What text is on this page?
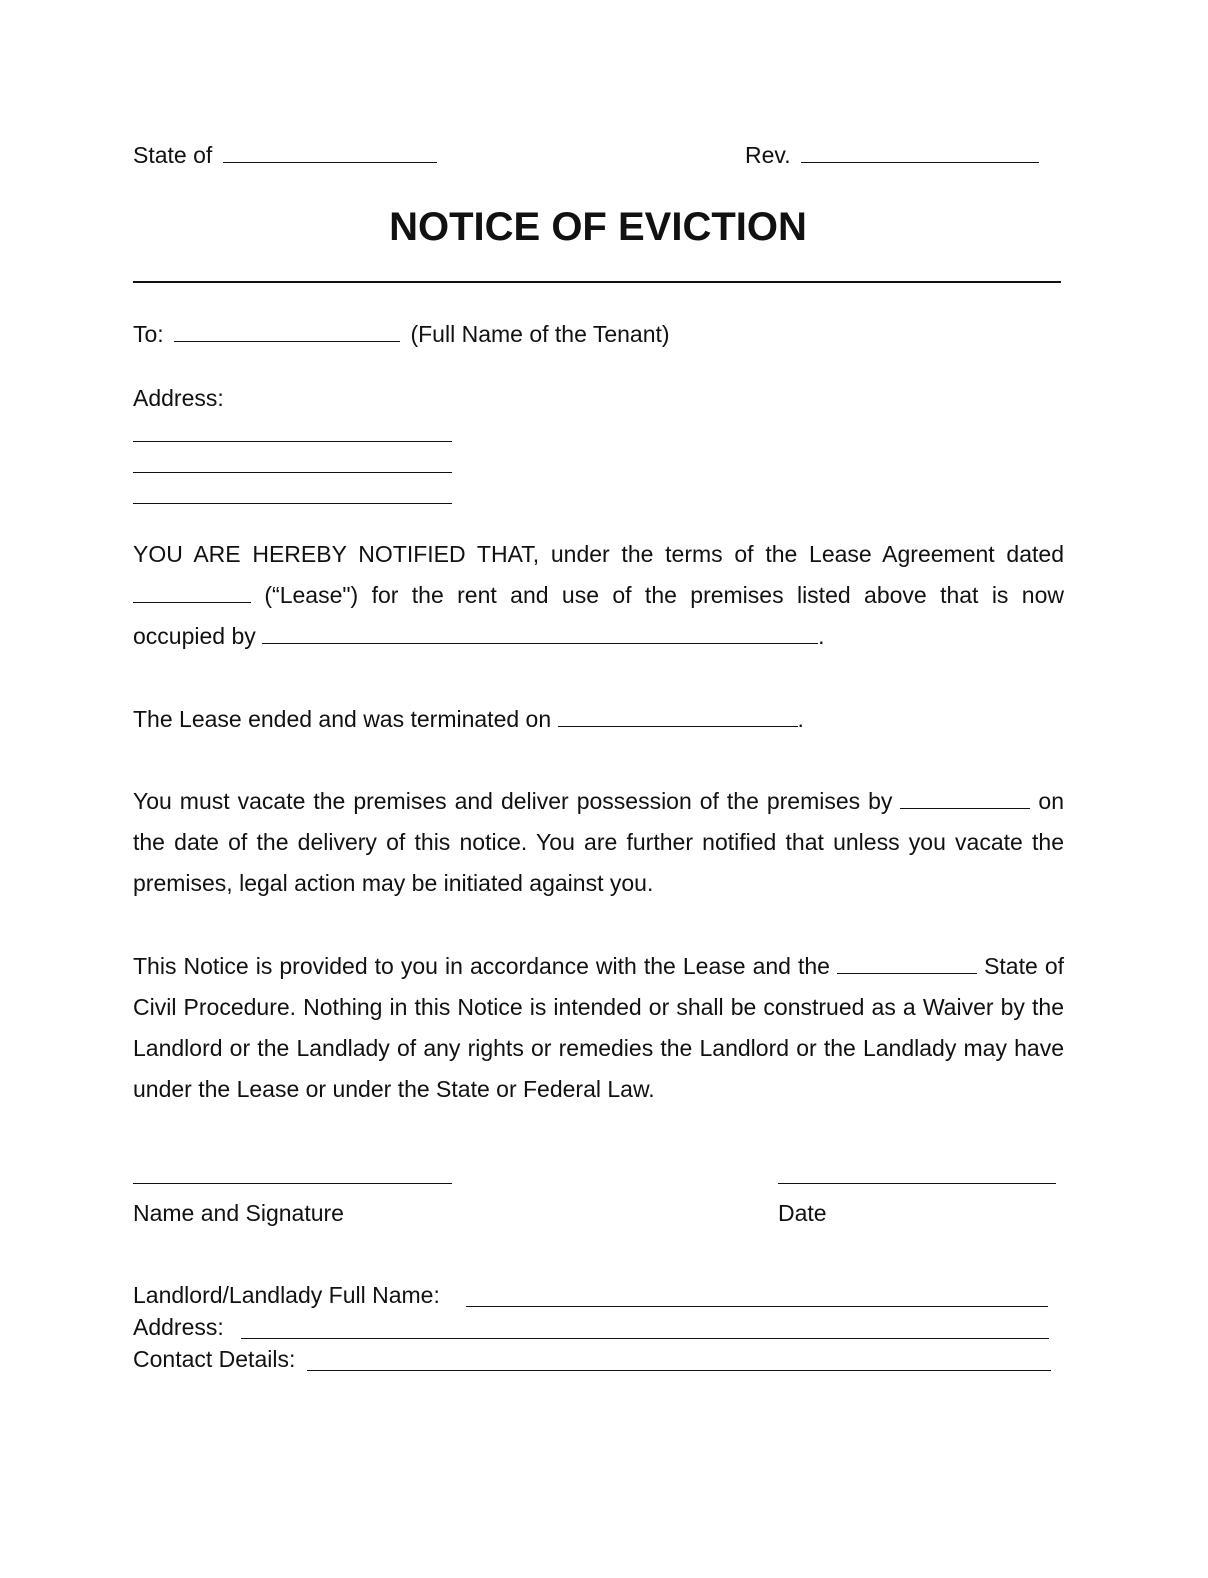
State of	Rev.
NOTICE OF EVICTION
To:	(Full Name of the Tenant)
Address:
YOU ARE HEREBY NOTIFIED THAT, under the terms of the Lease Agreement dated  (“Lease") for the rent and use of the premises listed above that is now occupied by	.
The Lease ended and was terminated on	.
You must vacate the premises and deliver possession of the premises by	on the date of the delivery of this notice. You are further notified that unless you vacate the premises, legal action may be initiated against you.
This Notice is provided to you in accordance with the Lease and the	State of Civil Procedure. Nothing in this Notice is intended or shall be construed as a Waiver by the Landlord or the Landlady of any rights or remedies the Landlord or the Landlady may have under the Lease or under the State or Federal Law.
Name and Signature	Date
Landlord/Landlady Full Name:
Address:
Contact Details:
